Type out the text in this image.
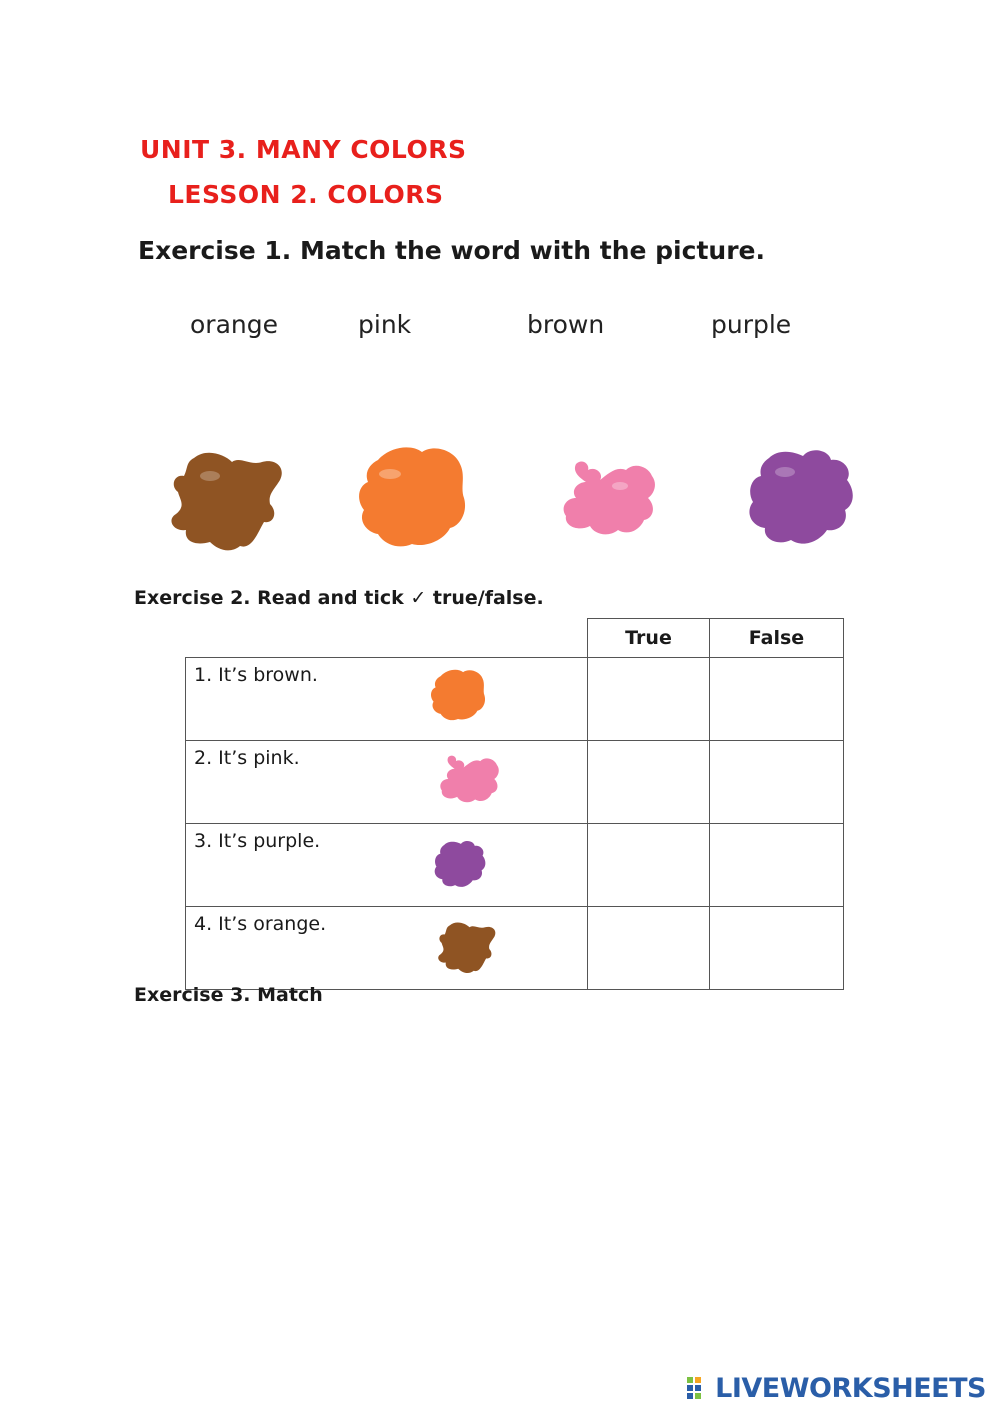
UNIT 3. MANY COLORS
LESSON 2. COLORS
Exercise 1. Match the word with the picture.
orange	pink	brown	purple
Exercise 2. Read and tick ✓ true/false.
	True	False

1. It’s brown.		

2. It’s pink.		

3. It’s purple.		

4. It’s orange.		

Exercise 3. Match
LIVEWORKSHEETS
